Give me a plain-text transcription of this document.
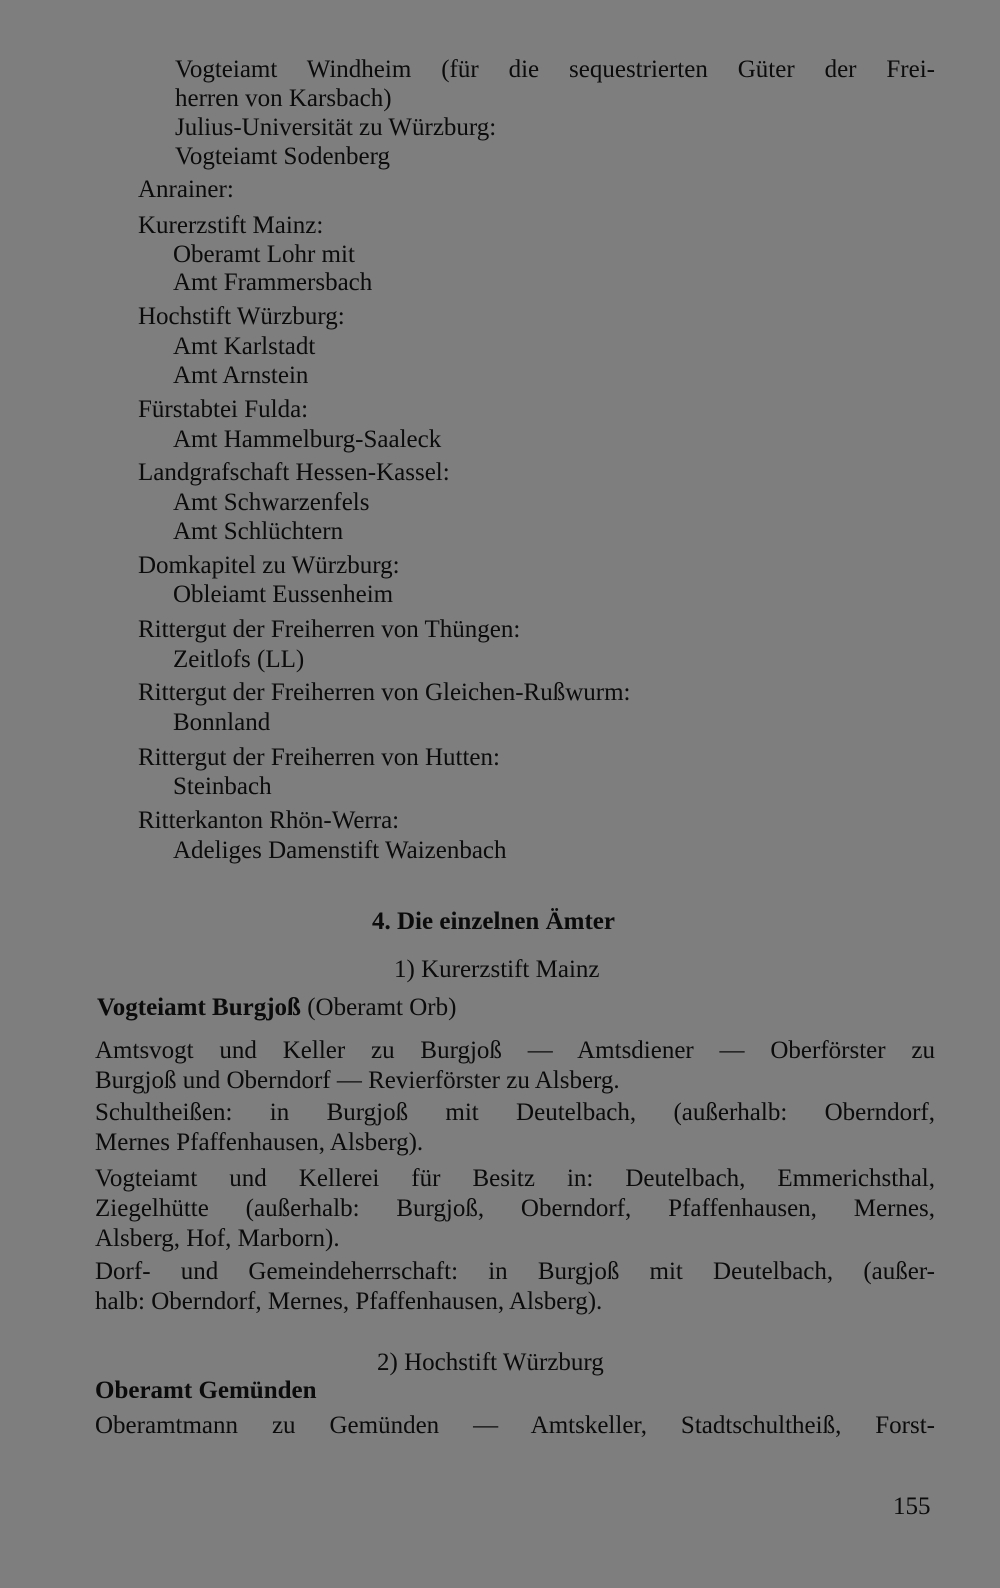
Vogteiamt Windheim (für die sequestrierten Güter der Frei-
herren von Karsbach)
Julius-Universität zu Würzburg:
Vogteiamt Sodenberg
Anrainer:
Kurerzstift Mainz:
Oberamt Lohr mit
Amt Frammersbach
Hochstift Würzburg:
Amt Karlstadt
Amt Arnstein
Fürstabtei Fulda:
Amt Hammelburg-Saaleck
Landgrafschaft Hessen-Kassel:
Amt Schwarzenfels
Amt Schlüchtern
Domkapitel zu Würzburg:
Obleiamt Eussenheim
Rittergut der Freiherren von Thüngen:
Zeitlofs (LL)
Rittergut der Freiherren von Gleichen-Rußwurm:
Bonnland
Rittergut der Freiherren von Hutten:
Steinbach
Ritterkanton Rhön-Werra:
Adeliges Damenstift Waizenbach
4. Die einzelnen Ämter
1) Kurerzstift Mainz
Vogteiamt Burgjoß (Oberamt Orb)
Amtsvogt und Keller zu Burgjoß — Amtsdiener — Oberförster zu
Burgjoß und Oberndorf — Revierförster zu Alsberg.
Schultheißen: in Burgjoß mit Deutelbach, (außerhalb: Oberndorf,
Mernes Pfaffenhausen, Alsberg).
Vogteiamt und Kellerei für Besitz in: Deutelbach, Emmerichsthal,
Ziegelhütte (außerhalb: Burgjoß, Oberndorf, Pfaffenhausen, Mernes,
Alsberg, Hof, Marborn).
Dorf- und Gemeindeherrschaft: in Burgjoß mit Deutelbach, (außer-
halb: Oberndorf, Mernes, Pfaffenhausen, Alsberg).
2) Hochstift Würzburg
Oberamt Gemünden
Oberamtmann zu Gemünden — Amtskeller, Stadtschultheiß, Forst-
155
